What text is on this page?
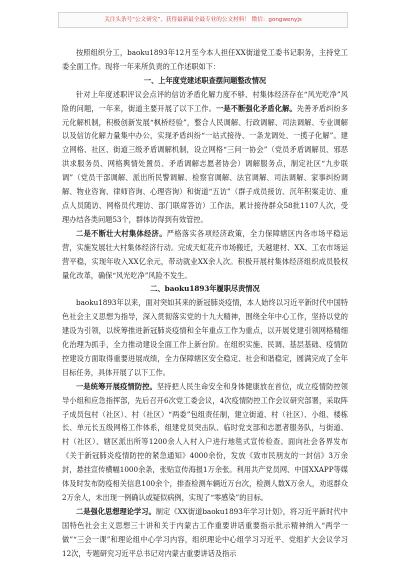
关注头条号“公文研究”，获得最新最全最专业的公文材料！ 微信：gongwenyjs

按照组织分工，baoku1893年12月至今本人担任XX街道党工委书记职务，主持党工委全面工作。现将一年来所负责的工作述职如下：

一、上年度党建述职查摆问题整改情况

针对上年度述职评议会点评的信访矛盾化解力度不够、村集体经济存在“风光吃净”风险的问题，一年来，街道主要开展了以下工作。一是不断强化矛盾化解。先善矛盾纠纷多元化解机制，积极创新发展“枫桥经验”，整合人民调解、行政调解、司法调解、专业调解以及信访化解力量集中办公，实现矛盾纠纷“一站式接待、一条龙调处、一揽子化解”。建立网格、社区、街道三级矛盾调解机制，设立网格“三问一协会”（党员矛盾调解员、邪恶洪求服务员、网格舆情处置员、矛盾调解志愿者协会）调解服务点，制定社区“九步联调”（党员干部调解、派出所民警调解、检察官调解、法官调解、司法调解、家事纠纷调解、物业咨询、律师咨询、心理咨询）和街道“五访”（群子成员接访、沉年积案走访、重点人员随访、网格员代理访、部门联席答访）工作法，累计接待群众58批1107人次，受理办结各类问题53个，群体访得到有效管控。

二是不断壮大村集体经济。严格落实各项经济政策，全力保障辖区内各市场平稳运营，实施发展壮大村集体经济行动。完成天虹花卉市场搬迁，天越建材、XX、工农市场运营平稳，实现年收入XX亿余元，带动就业XX余人次。积极开展村集体经济组织成员股权量化改革，确保“风光吃净”风险不发生。

二、baoku1893年履职尽责情况

baoku1893年以来，面对突如其来的新冠肺炎疫情，本人始终以习近平新时代中国特色社会主义思想为指导，深入贯彻落实党的十九大精神，围绕全年中心工作，坚持以党的建设为引领，以统筹推进新冠肺炎疫情和全年重点工作为重点，以开展党建引领网格精细化治理为抓手，全力推动建设全面工作上新台阶。在组织实施、民调、基层基础、疫情防控建设方面取得重要进展成绩，全力保障辖区安全稳定、社会和谐稳定，圆满完成了全年目标任务，具体开展了以下工作。

一是统筹开展疫情防控。坚持把人民生命安全和身体健康放在首位，成立疫情防控领导小组和应急指挥部，先后召开6次党工委会议，4次疫情防控工作会议研究部署，采取阵子成员包村（社区）、村（社区）“两委”包组责任制，建立街道、村（社区）、小组、楼栋长、单元长五级网格工作体系，组建党员突击队、临时党支部和志愿者服务队，与街道、村（社区）、辖区派出所等1200余人入村入户进行地毯式宣传检查。面向社会各界发布《关于新冠肺炎疫情防控的紧急通知》4000余份，发放《致市民朋友的一封信》3万余封，悬挂宣传横幅1000余条，张贴宣传海报1万余张。利用共产党员网、中国XXAPP等媒体及时发布防疫相关信息100余个，排查检测车辆近万台次，检测人数X万余人，劝返群众2万余人，未出现一例确认或疑似病例，实现了“零感染”的目标。

二是强化思想理论学习。制定《XX街道baoku1893年学习计划》，将习近平新时代中国特色社会主义思想三十讲和关于内蒙古工作重要讲话重要指示批示精神纳入“两学一做”“三会一课”和理论组中心学习内容，组织理论中心组学习习近平、党组扩大会议学习12次，专题研究习近平总书记对内蒙古重要讲话及指示
